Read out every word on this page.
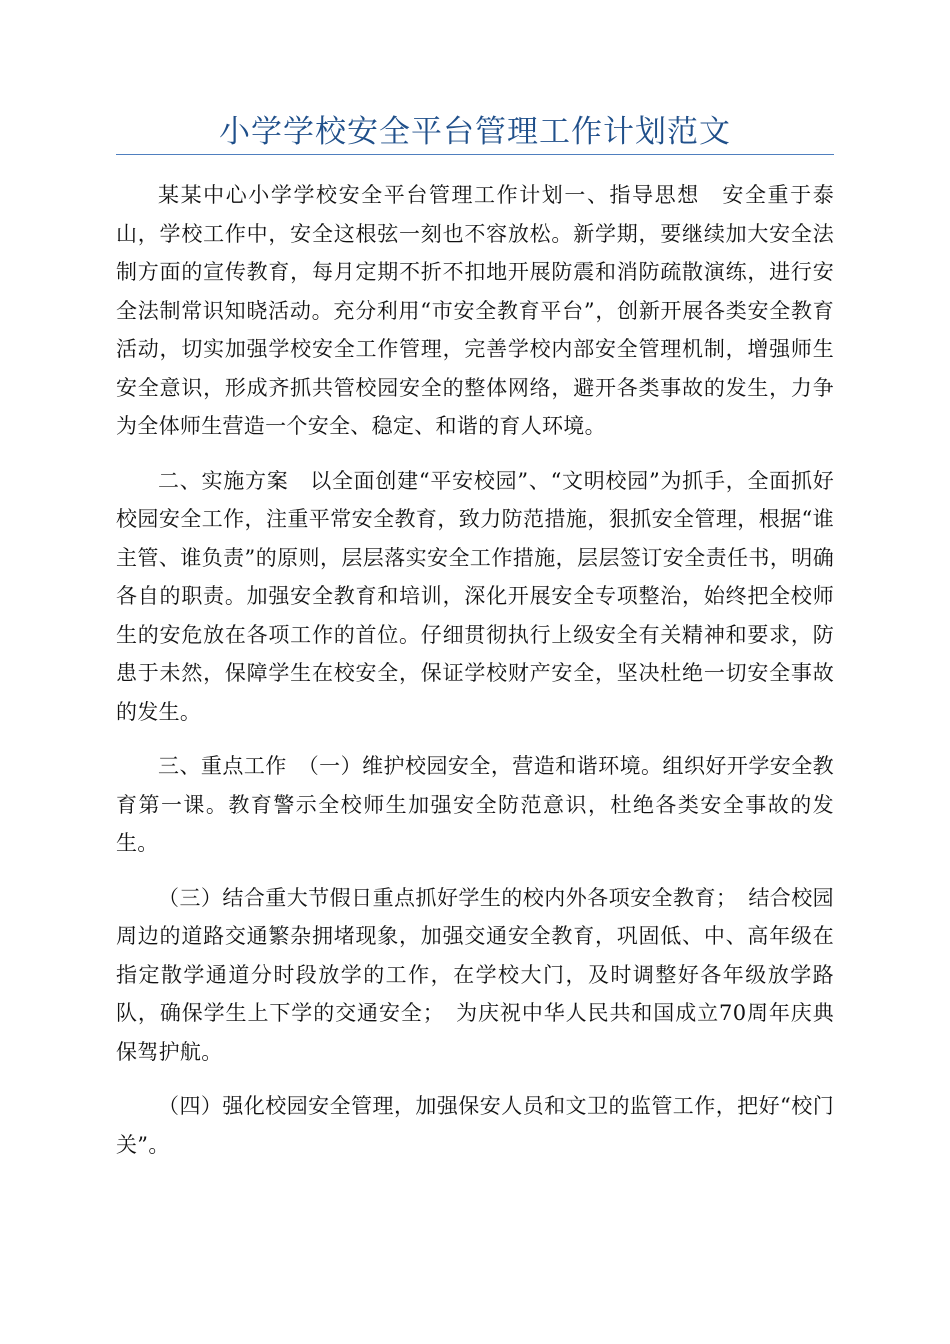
小学学校安全平台管理工作计划范文

某某中心小学学校安全平台管理工作计划一、指导思想　安全重于泰山，学校工作中，安全这根弦一刻也不容放松。新学期，要继续加大安全法制方面的宣传教育，每月定期不折不扣地开展防震和消防疏散演练，进行安全法制常识知晓活动。充分利用“市安全教育平台”，创新开展各类安全教育活动，切实加强学校安全工作管理，完善学校内部安全管理机制，增强师生安全意识，形成齐抓共管校园安全的整体网络，避开各类事故的发生，力争为全体师生营造一个安全、稳定、和谐的育人环境。

二、实施方案　以全面创建“平安校园”、“文明校园”为抓手，全面抓好校园安全工作，注重平常安全教育，致力防范措施，狠抓安全管理，根据“谁主管、谁负责”的原则，层层落实安全工作措施，层层签订安全责任书，明确各自的职责。加强安全教育和培训，深化开展安全专项整治，始终把全校师生的安危放在各项工作的首位。仔细贯彻执行上级安全有关精神和要求，防患于未然，保障学生在校安全，保证学校财产安全，坚决杜绝一切安全事故的发生。

三、重点工作　（一）维护校园安全，营造和谐环境。组织好开学安全教育第一课。教育警示全校师生加强安全防范意识，杜绝各类安全事故的发生。

（三）结合重大节假日重点抓好学生的校内外各项安全教育；　结合校园周边的道路交通繁杂拥堵现象，加强交通安全教育，巩固低、中、高年级在指定散学通道分时段放学的工作，在学校大门，及时调整好各年级放学路队，确保学生上下学的交通安全；　为庆祝中华人民共和国成立70周年庆典保驾护航。

（四）强化校园安全管理，加强保安人员和文卫的监管工作，把好“校门关”。
